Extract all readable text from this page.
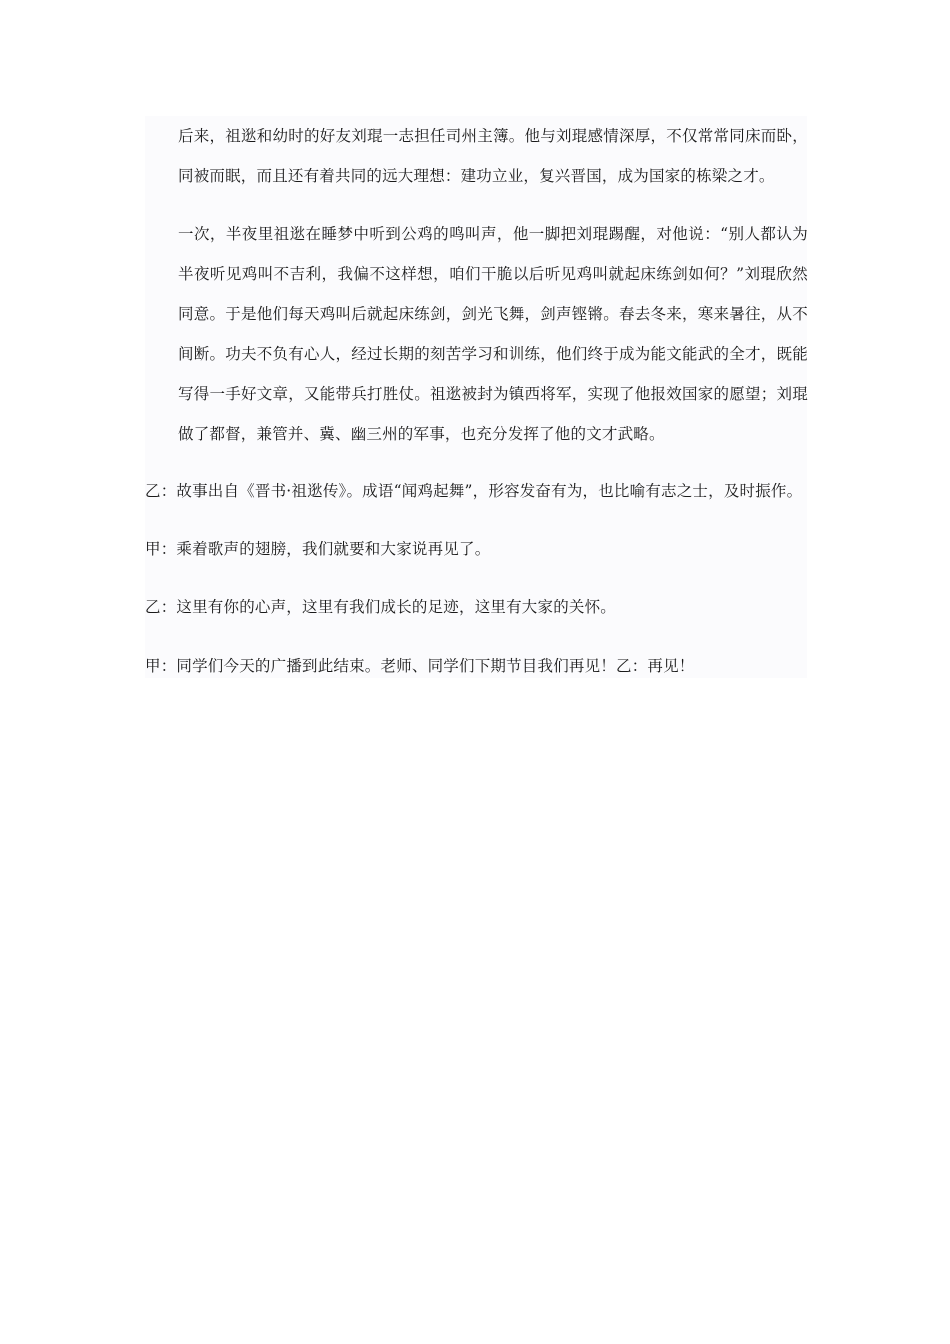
后来，祖逖和幼时的好友刘琨一志担任司州主簿。他与刘琨感情深厚，不仅常常同床而卧，同被而眠，而且还有着共同的远大理想：建功立业，复兴晋国，成为国家的栋梁之才。

一次，半夜里祖逖在睡梦中听到公鸡的鸣叫声，他一脚把刘琨踢醒，对他说：“别人都认为半夜听见鸡叫不吉利，我偏不这样想，咱们干脆以后听见鸡叫就起床练剑如何？”刘琨欣然同意。于是他们每天鸡叫后就起床练剑，剑光飞舞，剑声铿锵。春去冬来，寒来暑往，从不间断。功夫不负有心人，经过长期的刻苦学习和训练，他们终于成为能文能武的全才，既能写得一手好文章，又能带兵打胜仗。祖逖被封为镇西将军，实现了他报效国家的愿望；刘琨做了都督，兼管并、冀、幽三州的军事，也充分发挥了他的文才武略。

乙：故事出自《晋书·祖逖传》。成语“闻鸡起舞”，形容发奋有为，也比喻有志之士，及时振作。

甲：乘着歌声的翅膀，我们就要和大家说再见了。

乙：这里有你的心声，这里有我们成长的足迹，这里有大家的关怀。

甲：同学们今天的广播到此结束。老师、同学们下期节目我们再见！乙：再见！
